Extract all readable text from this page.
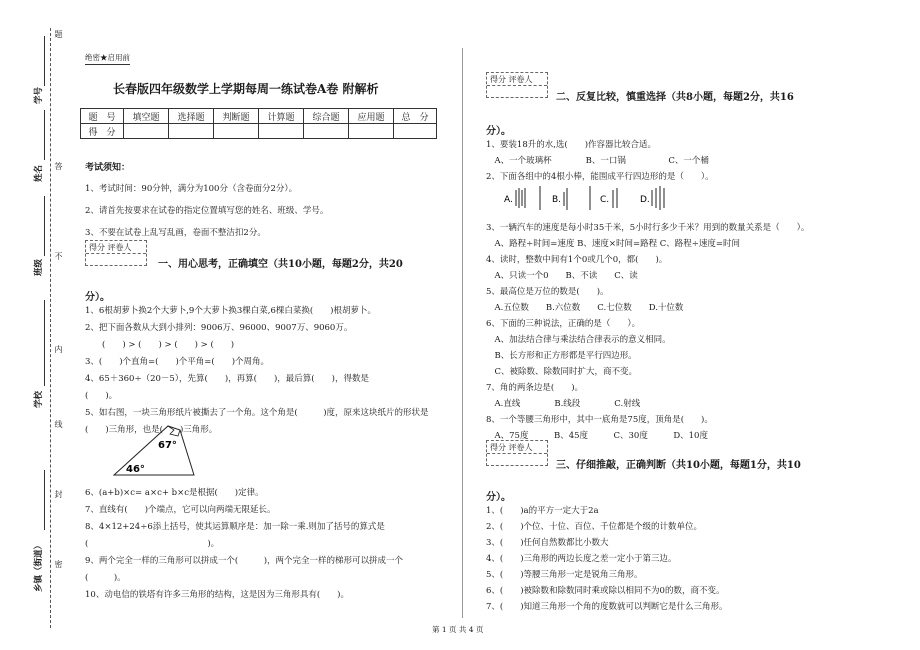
题
答
不
内
线
封
密
学号
姓名
班级
学校
乡镇（街道）
绝密★启用前
长春版四年级数学上学期每周一练试卷A卷 附解析
题　号	填空题	选择题	判断题	计算题	综合题	应用题	总　分
得　分							
考试须知：
1、考试时间：90分钟，满分为100分（含卷面分2分）。
2、请首先按要求在试卷的指定位置填写您的姓名、班级、学号。
3、不要在试卷上乱写乱画，卷面不整洁扣2分。
得分 评卷人
一、用心思考，正确填空（共10小题，每题2分，共20
分）。
1、6根胡萝卜换2个大萝卜,9个大萝卜换3棵白菜,6棵白菜换(　　)根胡萝卜。
2、把下面各数从大到小排列：9006万、96000、9007万、9060万。
　　(　　) > (　　) > (　　) > (　　)
3、(　　)个直角=(　　)个平角=(　　)个周角。
4、65＋360÷（20－5），先算(　　)，再算(　　)，最后算(　　)，得数是
(　　)。
5、如右图，一块三角形纸片被撕去了一个角。这个角是(　　　)度，原来这块纸片的形状是
(　　)三角形，也是(　　)三角形。
67°
46°
6、(a+b)×c= a×c+ b×c是根据(　　)定律。
7、直线有(　　)个端点，它可以向两端无限延长。
8、4×12+24÷6添上括号，使其运算顺序是：加一除一乘.则加了括号的算式是
(　　　　　　　　　　　　　　)。
9、两个完全一样的三角形可以拼成一个(　　　)，两个完全一样的梯形可以拼成一个
(　　　)。
10、动电信的铁塔有许多三角形的结构，这是因为三角形具有(　　)。
得分 评卷人
二、反复比较，慎重选择（共8小题，每题2分，共16
分）。
1、要装18升的水,选(　　)作容器比较合适。
　A、一个玻璃杯　　　　B、一口锅　　　　　C、一个桶
2、下面各组中的4根小棒，能围成平行四边形的是（　　）。
A.	B.	C.	D.
3、一辆汽车的速度是每小时35千米，5小时行多少千米？用到的数量关系是（　　）。
　A、路程÷时间=速度 B、速度×时间=路程 C、路程÷速度=时间
4、读时，整数中间有1个0或几个0，都(　　)。
　A、只读一个0　　B、不读　　C、读
5、最高位是万位的数是(　　)。
　A.五位数　　B.六位数　　C.七位数　　D.十位数
6、下面的三种说法，正确的是（　　）。
　A、加法结合律与乘法结合律表示的意义相同。
　B、长方形和正方形都是平行四边形。
　C、被除数、除数同时扩大，商不变。
7、角的两条边是(　　)。
　A.直线　　　　B.线段　　　　C.射线
8、一个等腰三角形中，其中一底角是75度，顶角是(　　)。
　A、75度　　　B、45度　　　C、30度　　　D、10度
得分 评卷人
三、仔细推敲，正确判断（共10小题，每题1分，共10
分）。
1、(　　)a的平方一定大于2a
2、(　　)个位、十位、百位、千位都是个级的计数单位。
3、(　　)任何自然数都比小数大
4、(　　)三角形的两边长度之差一定小于第三边。
5、(　　)等腰三角形一定是锐角三角形。
6、(　　)被除数和除数同时乘或除以相同不为0的数，商不变。
7、(　　)知道三角形一个角的度数就可以判断它是什么三角形。
第 1 页 共 4 页
